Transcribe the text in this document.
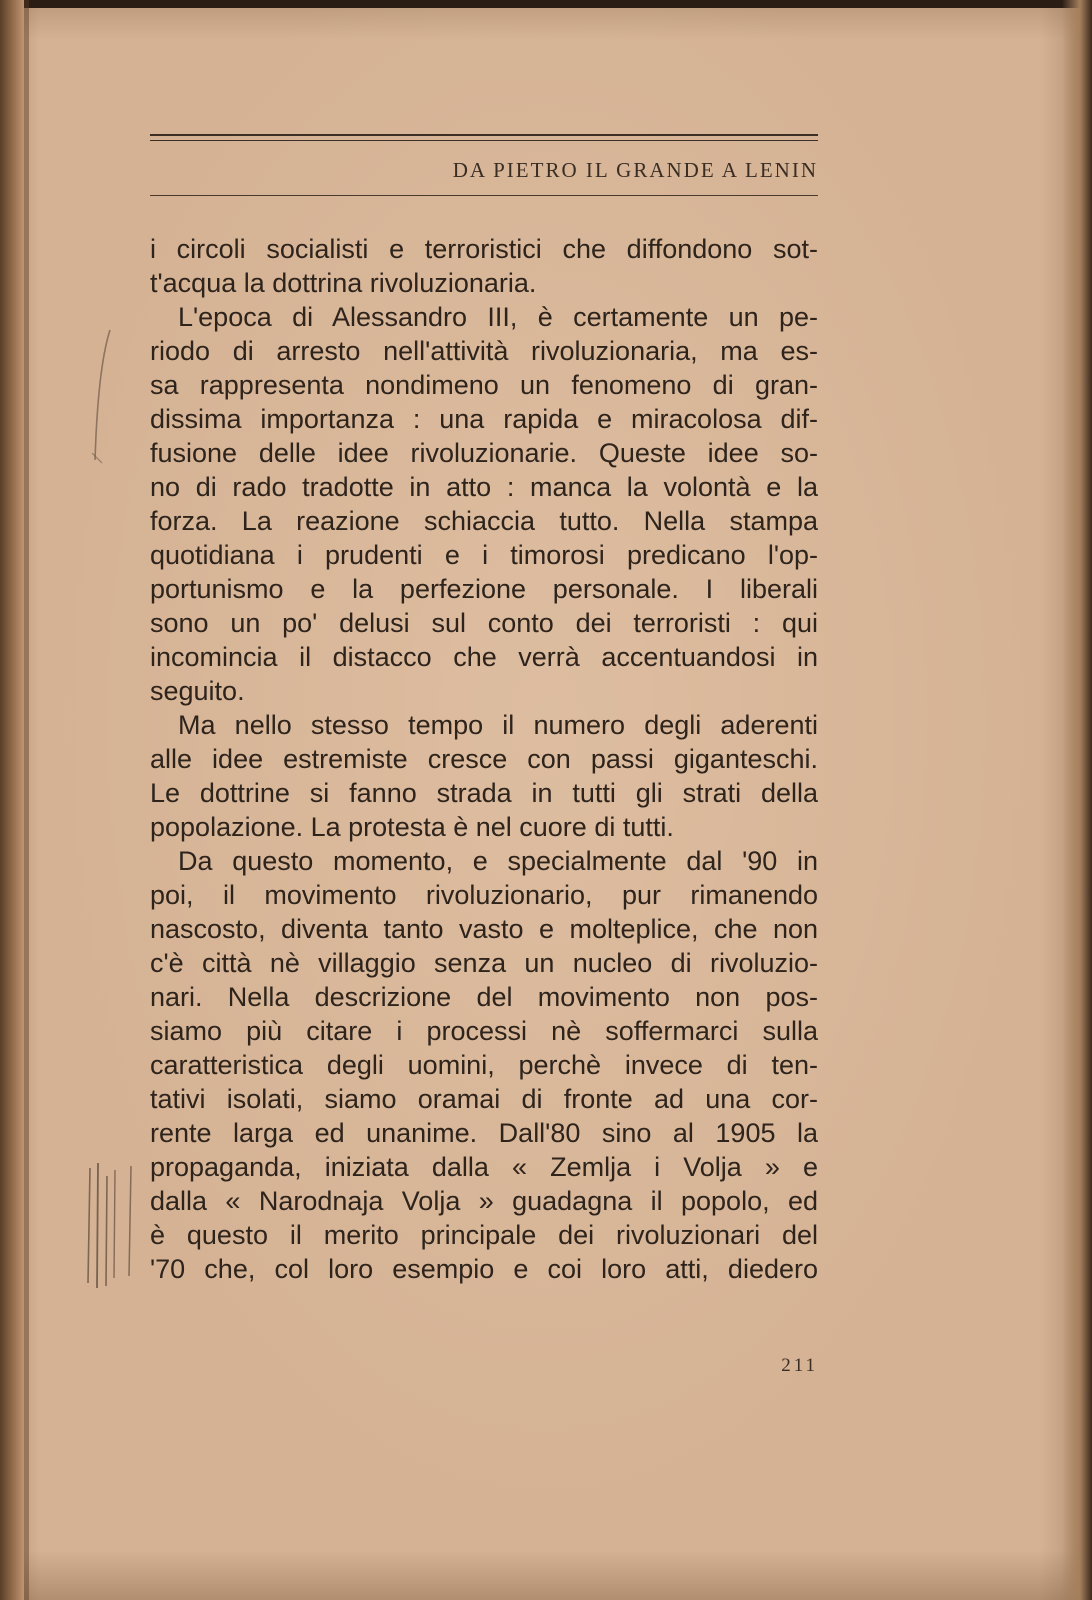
DA PIETRO IL GRANDE A LENIN
i circoli socialisti e terroristici che diffondono sot-
t'acqua la dottrina rivoluzionaria.
L'epoca di Alessandro III, è certamente un pe-
riodo di arresto nell'attività rivoluzionaria, ma es-
sa rappresenta nondimeno un fenomeno di gran-
dissima importanza : una rapida e miracolosa dif-
fusione delle idee rivoluzionarie. Queste idee so-
no di rado tradotte in atto : manca la volontà e la
forza. La reazione schiaccia tutto. Nella stampa
quotidiana i prudenti e i timorosi predicano l'op-
portunismo e la perfezione personale. I liberali
sono un po' delusi sul conto dei terroristi : qui
incomincia il distacco che verrà accentuandosi in
seguito.
Ma nello stesso tempo il numero degli aderenti
alle idee estremiste cresce con passi giganteschi.
Le dottrine si fanno strada in tutti gli strati della
popolazione. La protesta è nel cuore di tutti.
Da questo momento, e specialmente dal '90 in
poi, il movimento rivoluzionario, pur rimanendo
nascosto, diventa tanto vasto e molteplice, che non
c'è città nè villaggio senza un nucleo di rivoluzio-
nari. Nella descrizione del movimento non pos-
siamo più citare i processi nè soffermarci sulla
caratteristica degli uomini, perchè invece di ten-
tativi isolati, siamo oramai di fronte ad una cor-
rente larga ed unanime. Dall'80 sino al 1905 la
propaganda, iniziata dalla « Zemlja i Volja » e
dalla « Narodnaja Volja » guadagna il popolo, ed
è questo il merito principale dei rivoluzionari del
'70 che, col loro esempio e coi loro atti, diedero
211
